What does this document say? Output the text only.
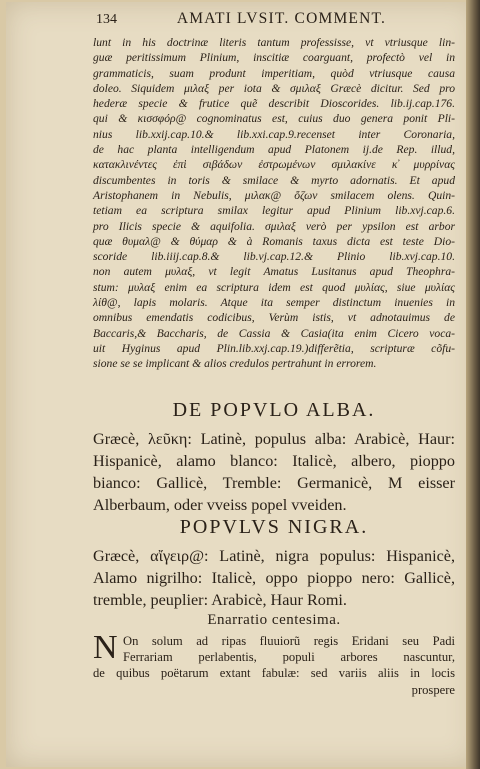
134	AMATI LVSIT. COMMENT.
lunt in his doctrinæ literis tantum professisse, vt vtriusque lin-
guæ peritissimum Plinium, inscitiæ coarguant, profectò vel in
grammaticis, suam produnt imperitiam, quòd vtriusque causa
doleo. Siquidem μιλαξ per iota & σμιλαξ Græcè dicitur. Sed pro
hederæ specie & frutice quẽ describit Dioscorides. lib.ij.cap.176.
qui & κισσφόρ@ cognominatus est, cuius duo genera ponit Pli-
nius lib.xxij.cap.10.& lib.xxi.cap.9.recenset inter Coronaria,
de hac planta intelligendum apud Platonem ij.de Rep. illud,
κατακλινέντες ἐπὶ σιβάδων ἐστρωμένων σμιλακίνε κ̓ μυρρίνας
discumbentes in toris & smilace & myrto adornatis. Et apud
Aristophanem in Nebulis, μιλακ@ ὄζων smilacem olens. Quin-
tetiam ea scriptura smilax legitur apud Plinium lib.xvj.cap.6.
pro Ilicis specie & aquifolia. σμιλαξ verò per ypsilon est arbor
quæ θυμαλ@ & θύμαρ & à Romanis taxus dicta est teste Dio-
scoride lib.iiij.cap.8.& lib.vj.cap.12.& Plinio lib.xvj.cap.10.
non autem μυλαξ, vt legit Amatus Lusitanus apud Theophra-
stum: μυλαξ enim ea scriptura idem est quod μυλίας, siue μυλίας
λίθ@, lapis molaris. Atque ita semper distinctum inuenies in
omnibus emendatis codicibus, Verùm istis, vt adnotauimus de
Baccaris,& Baccharis, de Cassia & Casia(ita enim Cicero voca-
uit Hyginus apud Plin.lib.xxj.cap.19.)differẽtia, scripturæ cõfu-
sione se se implicant & alios credulos pertrahunt in errorem.
DE POPVLO ALBA.
Græcè, λεῦκη: Latinè, populus alba: Arabicè, Haur:
Hispanicè, alamo blanco: Italicè, albero, pioppo
bianco: Gallicè, Tremble: Germanicè, M eisser
Alberbaum, oder vveiss popel vveiden.
POPVLVS NIGRA.
Græcè, αἴγειρ@: Latinè, nigra populus: Hispanicè,
Alamo nigrilho: Italicè, oppo pioppo nero: Gallicè,
tremble, peuplier: Arabicè, Haur Romi.
Enarratio centesima.
N On solum ad ripas fluuiorũ regis Eridani seu Padi
Ferrariam perlabentis, populi arbores nascuntur,
de quibus poëtarum extant fabulæ: sed variis aliis in locis
prospere
